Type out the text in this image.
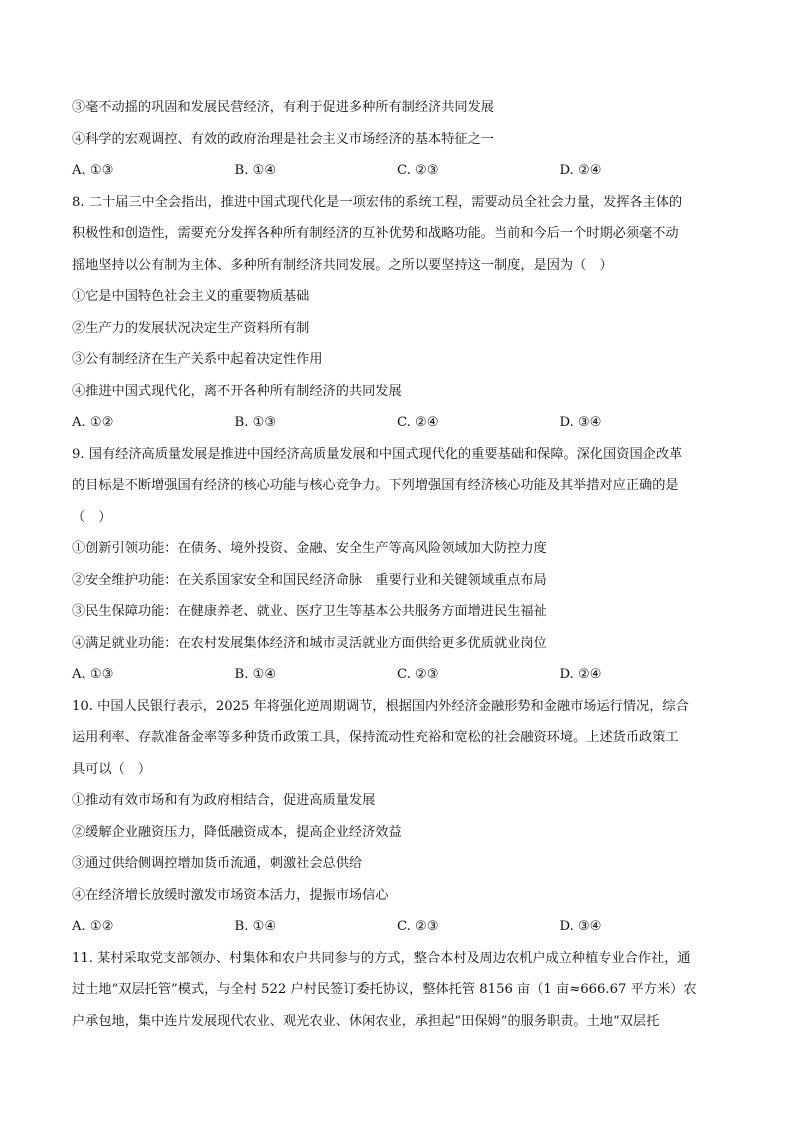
③毫不动摇的巩固和发展民营经济，有利于促进多种所有制经济共同发展
④科学的宏观调控、有效的政府治理是社会主义市场经济的基本特征之一
A. ①③	B. ①④	C. ②③	D. ②④
8. 二十届三中全会指出，推进中国式现代化是一项宏伟的系统工程，需要动员全社会力量，发挥各主体的
积极性和创造性，需要充分发挥各种所有制经济的互补优势和战略功能。当前和今后一个时期必须毫不动
摇地坚持以公有制为主体、多种所有制经济共同发展。之所以要坚持这一制度，是因为（　）
①它是中国特色社会主义的重要物质基础
②生产力的发展状况决定生产资料所有制
③公有制经济在生产关系中起着决定性作用
④推进中国式现代化，离不开各种所有制经济的共同发展
A. ①②	B. ①③	C. ②④	D. ③④
9. 国有经济高质量发展是推进中国经济高质量发展和中国式现代化的重要基础和保障。深化国资国企改革
的目标是不断增强国有经济的核心功能与核心竞争力。下列增强国有经济核心功能及其举措对应正确的是
（　）
①创新引领功能：在债务、境外投资、金融、安全生产等高风险领域加大防控力度
②安全维护功能：在关系国家安全和国民经济命脉　重要行业和关键领域重点布局
③民生保障功能：在健康养老、就业、医疗卫生等基本公共服务方面增进民生福祉
④满足就业功能：在农村发展集体经济和城市灵活就业方面供给更多优质就业岗位
A. ①③	B. ①④	C. ②③	D. ②④
10. 中国人民银行表示，2025 年将强化逆周期调节，根据国内外经济金融形势和金融市场运行情况，综合
运用利率、存款准备金率等多种货币政策工具，保持流动性充裕和宽松的社会融资环境。上述货币政策工
具可以（　）
①推动有效市场和有为政府相结合，促进高质量发展
②缓解企业融资压力，降低融资成本，提高企业经济效益
③通过供给侧调控增加货币流通，刺激社会总供给
④在经济增长放缓时激发市场资本活力，提振市场信心
A. ①②	B. ①④	C. ②③	D. ③④
11. 某村采取党支部领办、村集体和农户共同参与的方式，整合本村及周边农机户成立种植专业合作社，通
过土地“双层托管”模式，与全村 522 户村民签订委托协议，整体托管 8156 亩（1 亩≈666.67 平方米）农
户承包地，集中连片发展现代农业、观光农业、休闲农业，承担起“田保姆”的服务职责。土地“双层托
